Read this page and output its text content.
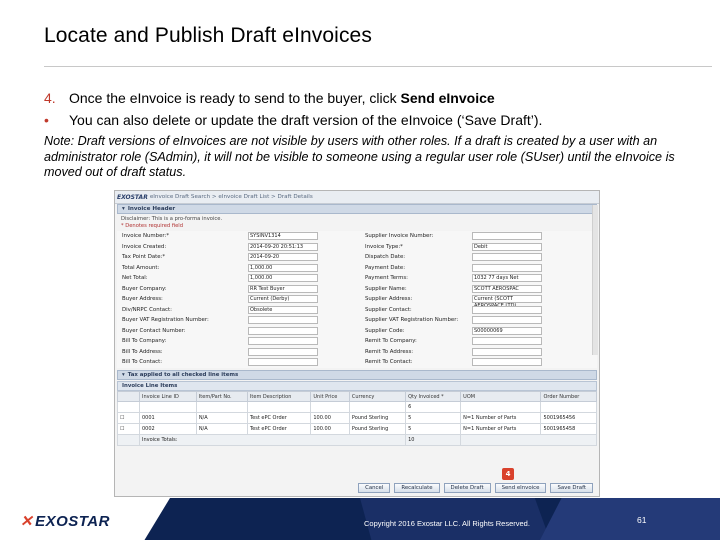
Locate and Publish Draft eInvoices
4. Once the eInvoice is ready to send to the buyer, click Send eInvoice
•	You can also delete or update the draft version of the eInvoice (‘Save Draft’).
Note: Draft versions of eInvoices are not visible by users with other roles. If a draft is created by a user with an administrator role (SAdmin), it will not be visible to someone using a regular user role (SUser) until the eInvoice is moved out of draft status.
EXOSTAR eInvoice Draft Search > eInvoice Draft List > Draft Details
▾ Invoice Header
Disclaimer: This is a pro-forma invoice.
* Denotes required field
Invoice Number:*	SYSINV1314	Supplier Invoice Number:
Invoice Created:	2014-09-20 20:51:13	Invoice Type:*	Debit
Tax Point Date:*	2014-09-20	Dispatch Date:
Total Amount:	1,000.00	Payment Date:
Net Total:	1,000.00	Payment Terms:	1032 77 days Net
Buyer Company:	RR Test Buyer	Supplier Name:	SCOTT AEROSPAC
Buyer Address:	Current (Derby)	Supplier Address:	Current (SCOTT
Div/NRPC Contact:	Obsolete	Supplier Contact:
Buyer VAT Registration Number:	Supplier VAT Registration Number:
Buyer Contact Number:	Supplier Code:	S00000069
Bill To Company:	Remit To Company:
Bill To Address:	Remit To Address:
Bill To Contact:	Remit To Contact:
▾ Tax applied to all checked line items
Invoice Line Items
	Invoice Line ID	Item/Part No.	Item Description	Unit Price	Currency	Qty Invoiced *	UOM	Order Number
						6		
☐	0001	N/A	Test ePC Order	100.00	Pound Sterling	5	N=1 Number of Parts	5001965456
☐	0002	N/A	Test ePC Order	100.00	Pound Sterling	5	N=1 Number of Parts	5001965458
	Invoice Totals:					10		
4
Cancel	Recalculate	Delete Draft	Send eInvoice	Save Draft
✕ EXOSTAR	Copyright 2016 Exostar LLC. All Rights Reserved.	61
